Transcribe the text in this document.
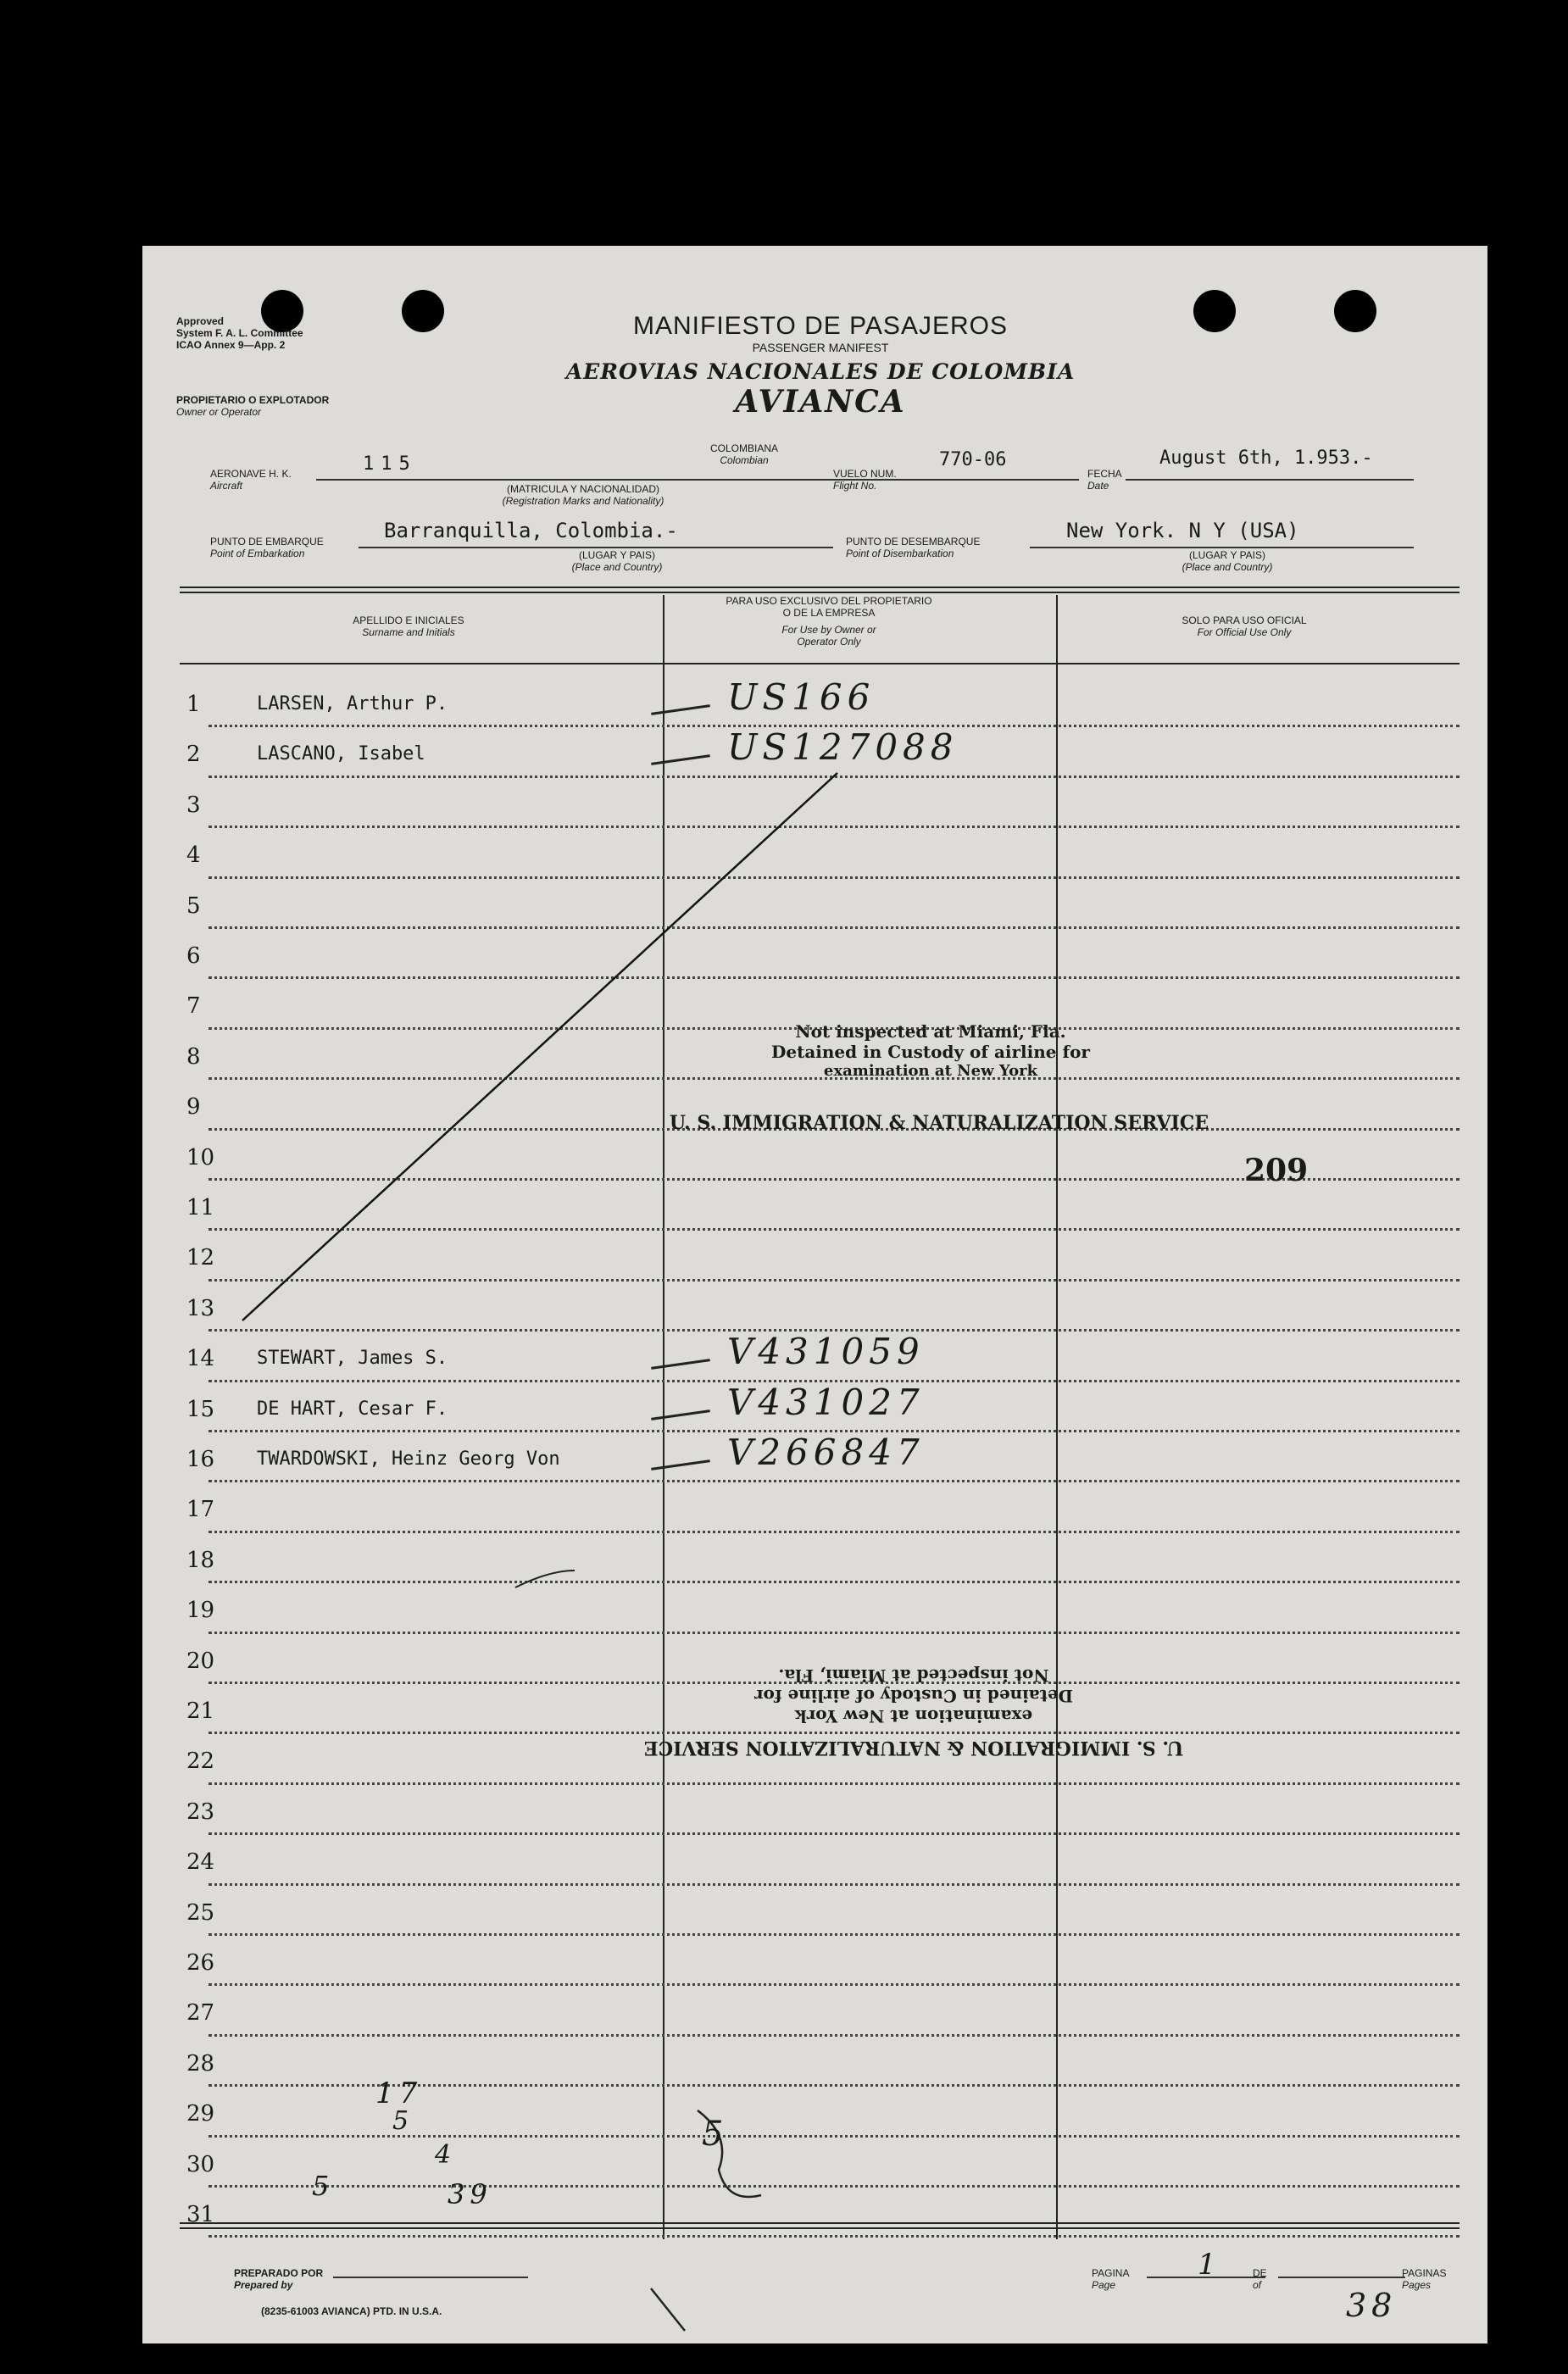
Approved
System F. A. L. Committee
ICAO Annex 9—App. 2
PROPIETARIO O EXPLOTADOR
Owner or Operator
MANIFIESTO DE PASAJEROS
PASSENGER MANIFEST
AEROVIAS NACIONALES DE COLOMBIA
AVIANCA
COLOMBIANA
Colombian
AERONAVE H. K.
Aircraft
115
(MATRICULA Y NACIONALIDAD)
(Registration Marks and Nationality)
VUELO NUM.
Flight No.
770-06
FECHA
Date
August 6th, 1.953.-
PUNTO DE EMBARQUE
Point of Embarkation
Barranquilla, Colombia.-
(LUGAR Y PAIS)
(Place and Country)
PUNTO DE DESEMBARQUE
Point of Disembarkation
New York. N Y (USA)
(LUGAR Y PAIS)
(Place and Country)
APELLIDO E INICIALES
Surname and Initials
PARA USO EXCLUSIVO DEL PROPIETARIO
O DE LA EMPRESA
For Use by Owner or
Operator Only
SOLO PARA USO OFICIAL
For Official Use Only
1	LARSEN, Arthur P.	US166
2	LASCANO, Isabel	US127088
3
4
5
6
7
8
9
10
11
12
13
14 STEWART, James S.	V431059
15 DE HART, Cesar F.	V431027
16 TWARDOWSKI, Heinz Georg Von	V266847
17
18
19
20
21
22
23
24
25
26
27
28
29
30
31
Not inspected at Miami, Fla.
Detained in Custody of airline for
examination at New York
U. S. IMMIGRATION & NATURALIZATION SERVICE
U. S. IMMIGRATION & NATURALIZATION SERVICE
examination at New York
Detained in Custody of airline for
Not inspected at Miami, Fla.
209
17
5
4
39
5
5
PREPARADO POR
Prepared by
PAGINA
Page
1	DE
of
PAGINAS
Pages
38
(8235-61003 AVIANCA) PTD. IN U.S.A.
